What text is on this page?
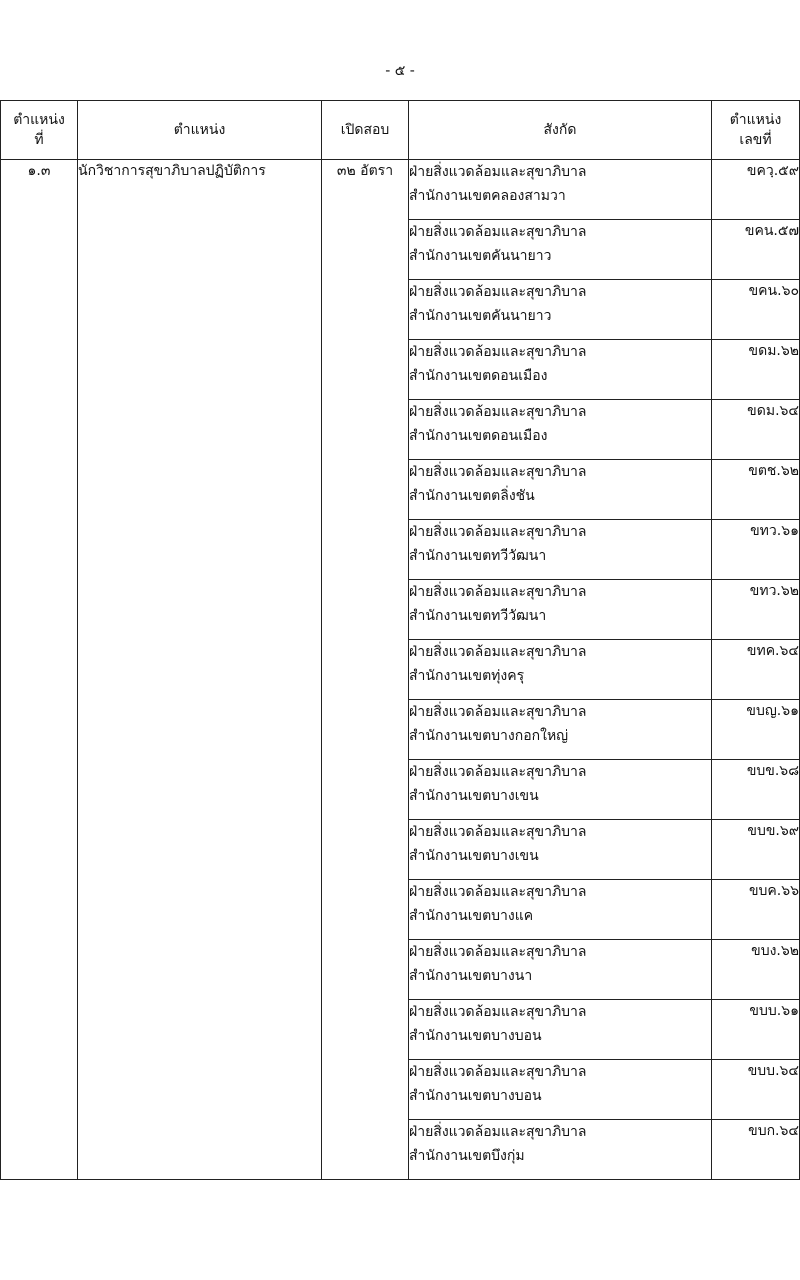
- ๕ -
ตำแหน่ง
ที่	ตำแหน่ง	เปิดสอบ	สังกัด	ตำแหน่ง
เลขที่
๑.๓	นักวิชาการสุขาภิบาลปฏิบัติการ	๓๒ อัตรา	ฝ่ายสิ่งแวดล้อมและสุขาภิบาล
สำนักงานเขตคลองสามวา	ขควฺ.๕๙

			ฝ่ายสิ่งแวดล้อมและสุขาภิบาล
สำนักงานเขตคันนายาว	ขคน.๕๗

			ฝ่ายสิ่งแวดล้อมและสุขาภิบาล
สำนักงานเขตคันนายาว	ขคน.๖๐

			ฝ่ายสิ่งแวดล้อมและสุขาภิบาล
สำนักงานเขตดอนเมือง	ขดม.๖๒

			ฝ่ายสิ่งแวดล้อมและสุขาภิบาล
สำนักงานเขตดอนเมือง	ขดม.๖๔

			ฝ่ายสิ่งแวดล้อมและสุขาภิบาล
สำนักงานเขตตลิ่งชัน	ขตช.๖๒

			ฝ่ายสิ่งแวดล้อมและสุขาภิบาล
สำนักงานเขตทวีวัฒนา	ขทว.๖๑

			ฝ่ายสิ่งแวดล้อมและสุขาภิบาล
สำนักงานเขตทวีวัฒนา	ขทว.๖๒

			ฝ่ายสิ่งแวดล้อมและสุขาภิบาล
สำนักงานเขตทุ่งครุ	ขทค.๖๔

			ฝ่ายสิ่งแวดล้อมและสุขาภิบาล
สำนักงานเขตบางกอกใหญ่	ขบญ.๖๑

			ฝ่ายสิ่งแวดล้อมและสุขาภิบาล
สำนักงานเขตบางเขน	ขบข.๖๘

			ฝ่ายสิ่งแวดล้อมและสุขาภิบาล
สำนักงานเขตบางเขน	ขบข.๖๙

			ฝ่ายสิ่งแวดล้อมและสุขาภิบาล
สำนักงานเขตบางแค	ขบค.๖๖

			ฝ่ายสิ่งแวดล้อมและสุขาภิบาล
สำนักงานเขตบางนา	ขบง.๖๒

			ฝ่ายสิ่งแวดล้อมและสุขาภิบาล
สำนักงานเขตบางบอน	ขบบ.๖๑

			ฝ่ายสิ่งแวดล้อมและสุขาภิบาล
สำนักงานเขตบางบอน	ขบบ.๖๔

			ฝ่ายสิ่งแวดล้อมและสุขาภิบาล
สำนักงานเขตบึงกุ่ม	ขบก.๖๔
